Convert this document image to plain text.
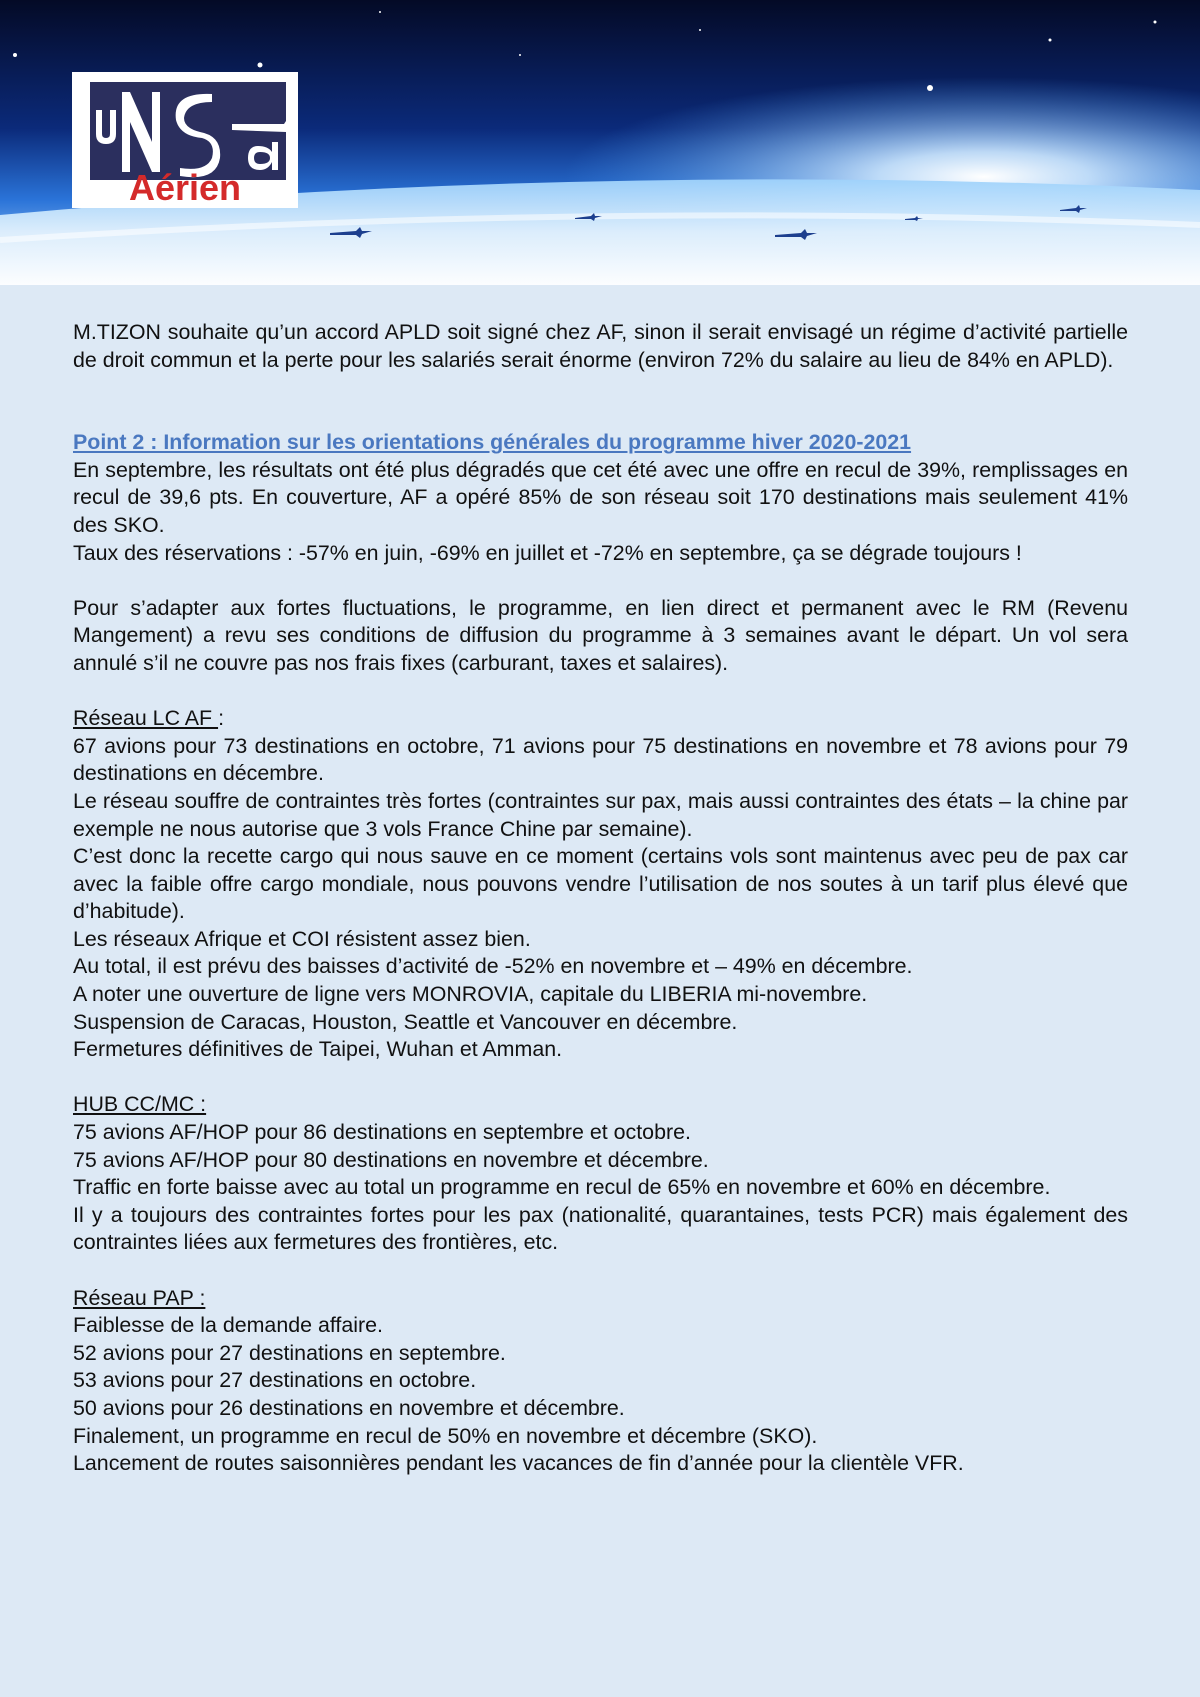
Aérien

M.TIZON souhaite qu’un accord APLD soit signé chez AF, sinon il serait envisagé un régime d’activité partielle de droit commun et la perte pour les salariés serait énorme (environ 72% du salaire au lieu de 84% en APLD).

Point 2 : Information sur les orientations générales du programme hiver 2020-2021

En septembre, les résultats ont été plus dégradés que cet été avec une offre en recul de 39%, remplissages en recul de 39,6 pts. En couverture, AF a opéré 85% de son réseau soit 170 destinations mais seulement 41% des SKO.

Taux des réservations : -57% en juin, -69% en juillet et -72% en septembre, ça se dégrade toujours !

Pour s’adapter aux fortes fluctuations, le programme, en lien direct et permanent avec le RM (Revenu Mangement) a revu ses conditions de diffusion du programme à 3 semaines avant le départ. Un vol sera annulé s’il ne couvre pas nos frais fixes (carburant, taxes et salaires).

Réseau LC AF :

67 avions pour 73 destinations en octobre, 71 avions pour 75 destinations en novembre et 78 avions pour 79 destinations en décembre.

Le réseau souffre de contraintes très fortes (contraintes sur pax, mais aussi contraintes des états – la chine par exemple ne nous autorise que 3 vols France Chine par semaine).

C’est donc la recette cargo qui nous sauve en ce moment (certains vols sont maintenus avec peu de pax car avec la faible offre cargo mondiale, nous pouvons vendre l’utilisation de nos soutes à un tarif plus élevé que d’habitude).

Les réseaux Afrique et COI résistent assez bien.

Au total, il est prévu des baisses d’activité de -52% en novembre et – 49% en décembre.

A noter une ouverture de ligne vers MONROVIA, capitale du LIBERIA mi-novembre.

Suspension de Caracas, Houston, Seattle et Vancouver en décembre.

Fermetures définitives de Taipei, Wuhan et Amman.

HUB CC/MC :

75 avions AF/HOP pour 86 destinations en septembre et octobre.

75 avions AF/HOP pour 80 destinations en novembre et décembre.

Traffic en forte baisse avec au total un programme en recul de 65% en novembre et 60% en décembre.

Il y a toujours des contraintes fortes pour les pax (nationalité, quarantaines, tests PCR) mais également des contraintes liées aux fermetures des frontières, etc.

Réseau PAP :

Faiblesse de la demande affaire.

52 avions pour 27 destinations en septembre.

53 avions pour 27 destinations en octobre.

50 avions pour 26 destinations en novembre et décembre.

Finalement, un programme en recul de 50% en novembre et décembre (SKO).

Lancement de routes saisonnières pendant les vacances de fin d’année pour la clientèle VFR.
